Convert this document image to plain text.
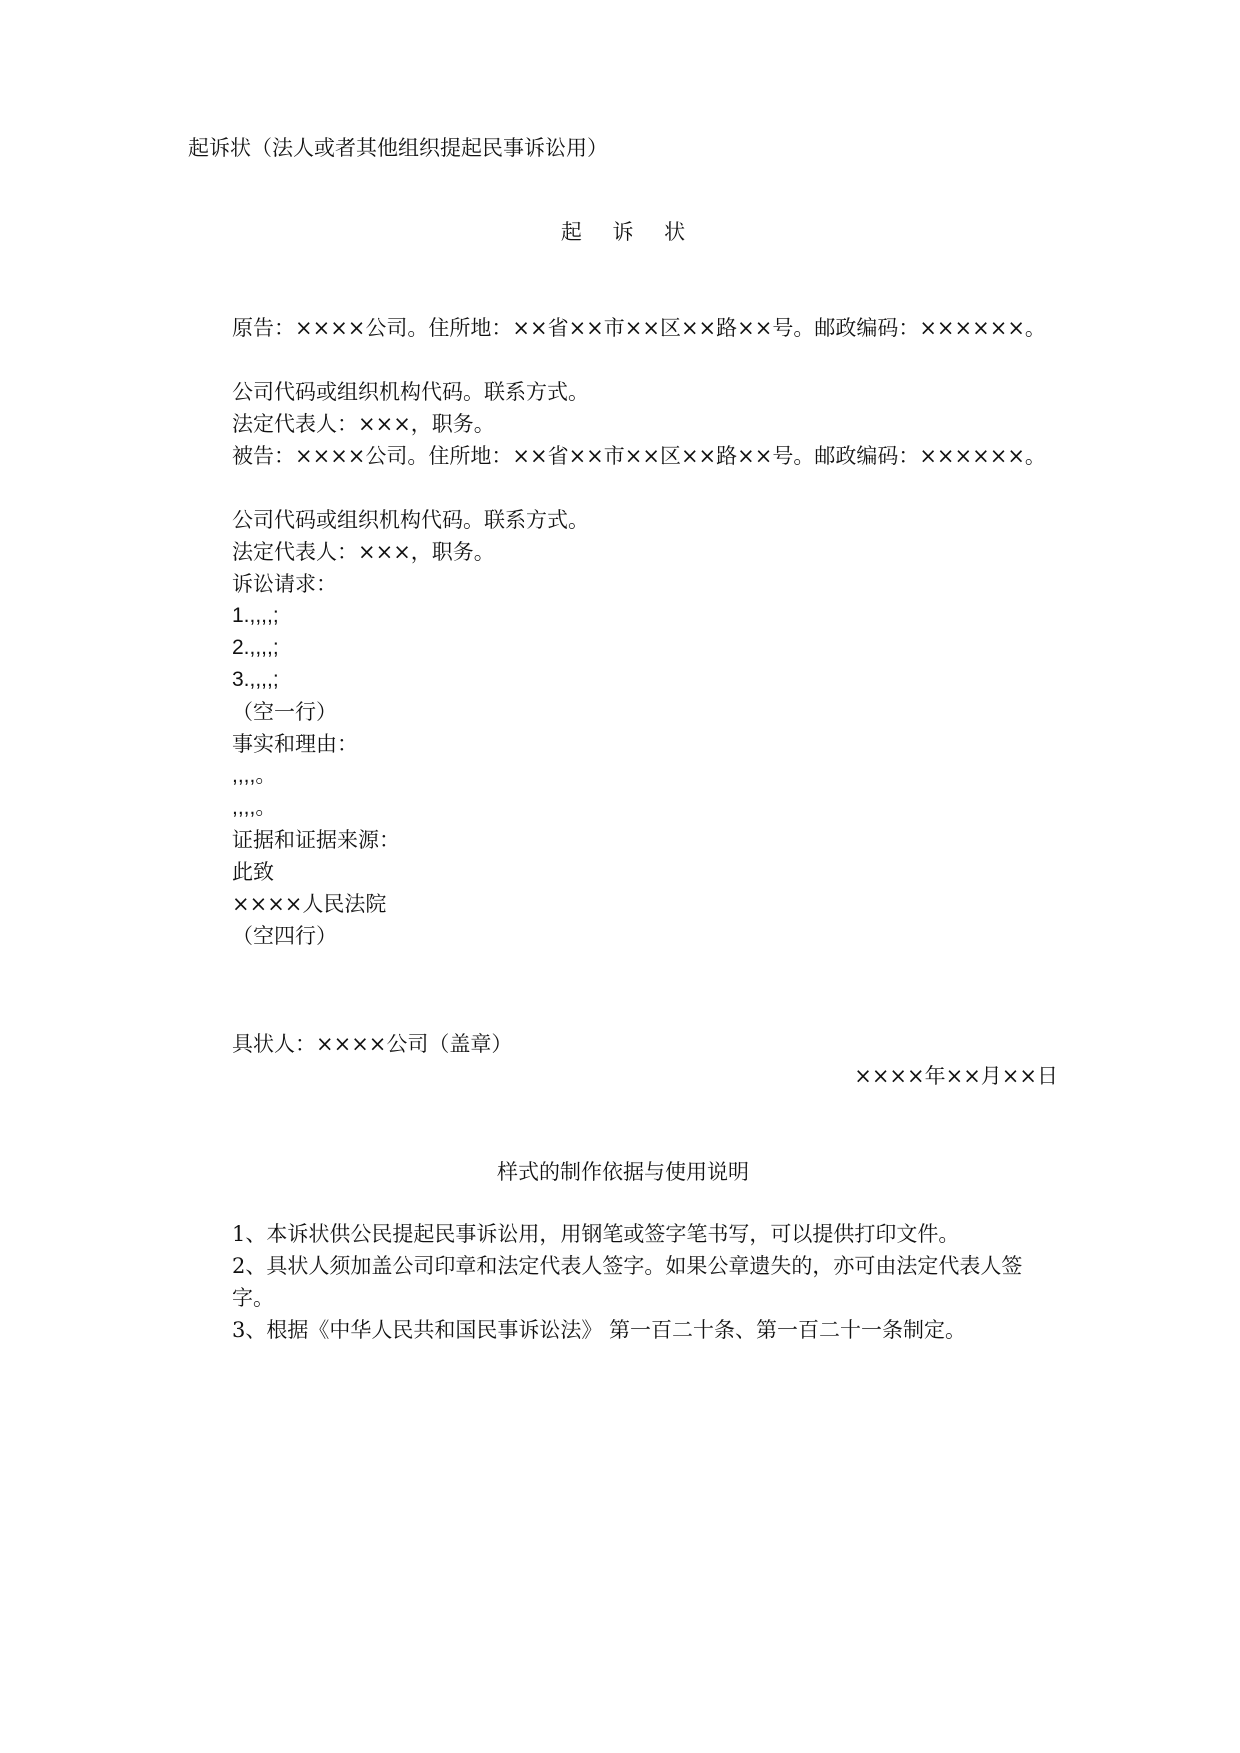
起诉状（法人或者其他组织提起民事诉讼用）
起 诉 状
原告：××××公司。住所地：××省××市××区××路××号。邮政编码：××××××。
公司代码或组织机构代码。联系方式。
法定代表人：×××，职务。
被告：××××公司。住所地：××省××市××区××路××号。邮政编码：××××××。
公司代码或组织机构代码。联系方式。
法定代表人：×××，职务。
诉讼请求：
1.,,,,;
2.,,,,;
3.,,,,;
（空一行）
事实和理由：
,,,,。
,,,,。
证据和证据来源：
此致
××××人民法院
（空四行）
具状人：××××公司（盖章）
××××年××月××日
样式的制作依据与使用说明
1、本诉状供公民提起民事诉讼用，用钢笔或签字笔书写，可以提供打印文件。
2、具状人须加盖公司印章和法定代表人签字。如果公章遗失的，亦可由法定代表人签字。
3、根据《中华人民共和国民事诉讼法》 第一百二十条、第一百二十一条制定。
